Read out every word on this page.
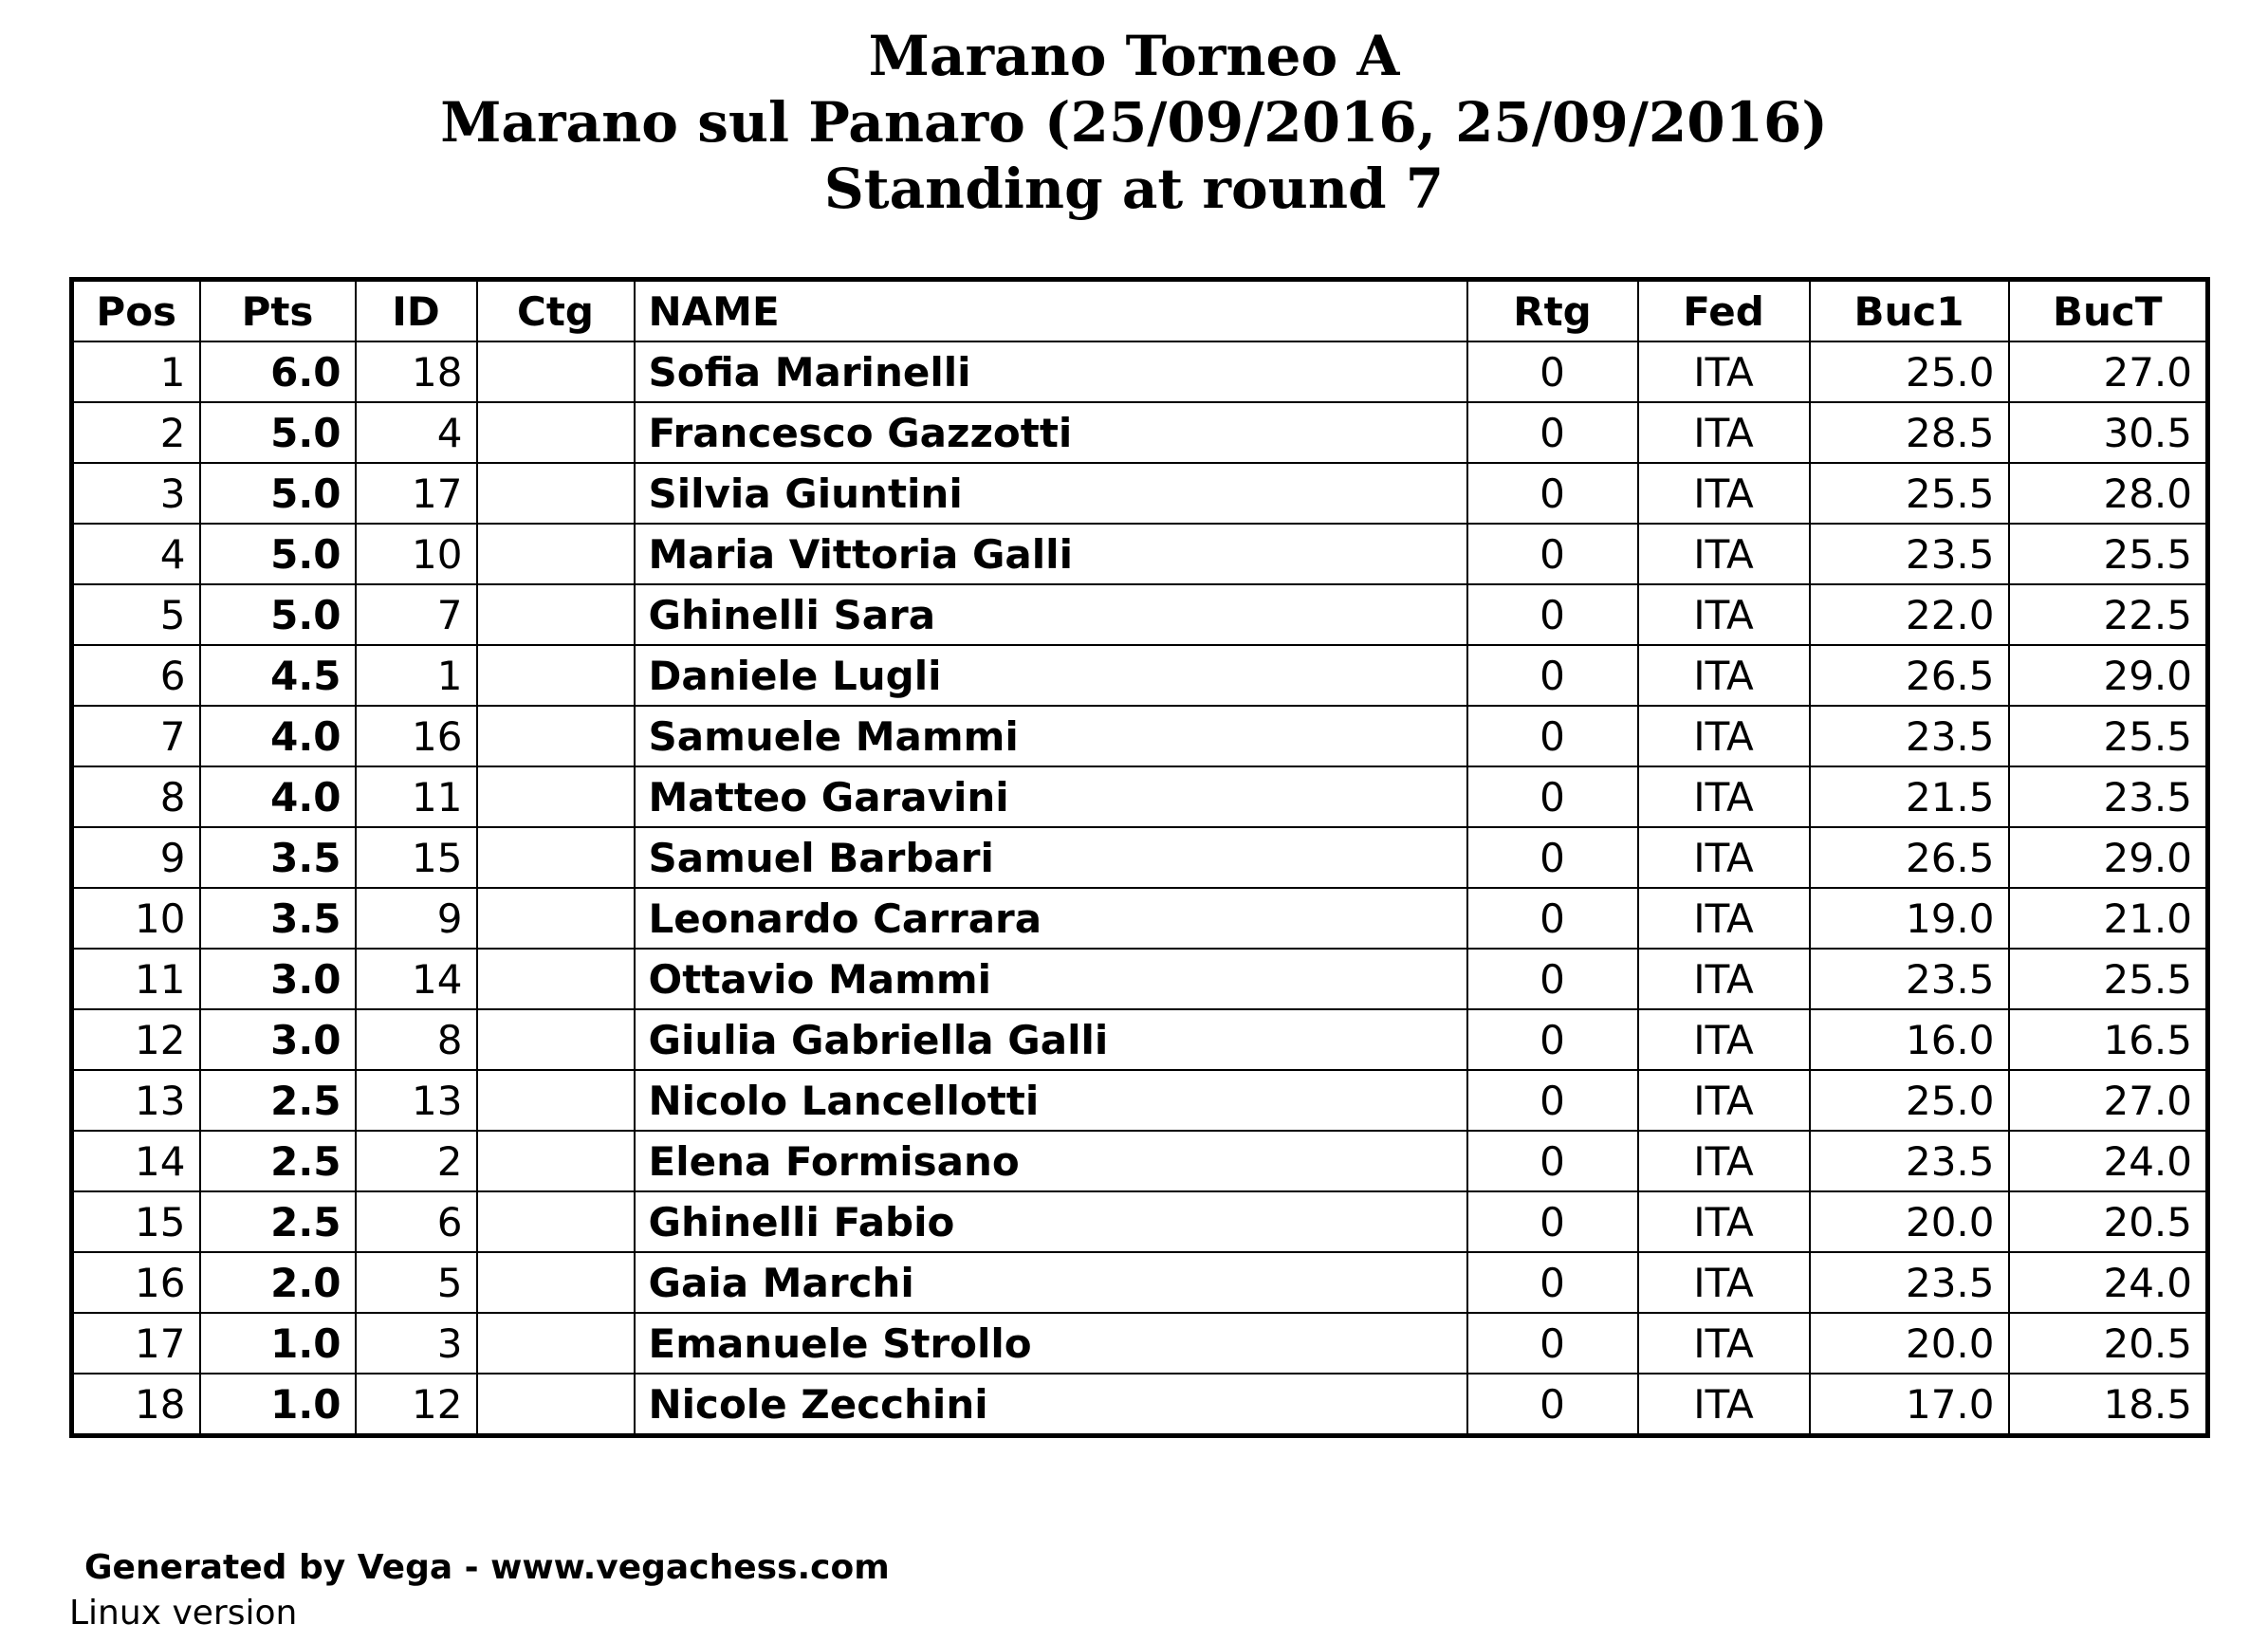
Marano Torneo A
Marano sul Panaro (25/09/2016, 25/09/2016)
Standing at round 7
Pos	Pts	ID	Ctg	NAME	Rtg	Fed	Buc1	BucT
1	6.0	18		Sofia Marinelli	0	ITA	25.0	27.0
2	5.0	4		Francesco Gazzotti	0	ITA	28.5	30.5
3	5.0	17		Silvia Giuntini	0	ITA	25.5	28.0
4	5.0	10		Maria Vittoria Galli	0	ITA	23.5	25.5
5	5.0	7		Ghinelli Sara	0	ITA	22.0	22.5
6	4.5	1		Daniele Lugli	0	ITA	26.5	29.0
7	4.0	16		Samuele Mammi	0	ITA	23.5	25.5
8	4.0	11		Matteo Garavini	0	ITA	21.5	23.5
9	3.5	15		Samuel Barbari	0	ITA	26.5	29.0
10	3.5	9		Leonardo Carrara	0	ITA	19.0	21.0
11	3.0	14		Ottavio Mammi	0	ITA	23.5	25.5
12	3.0	8		Giulia Gabriella Galli	0	ITA	16.0	16.5
13	2.5	13		Nicolo Lancellotti	0	ITA	25.0	27.0
14	2.5	2		Elena Formisano	0	ITA	23.5	24.0
15	2.5	6		Ghinelli Fabio	0	ITA	20.0	20.5
16	2.0	5		Gaia Marchi	0	ITA	23.5	24.0
17	1.0	3		Emanuele Strollo	0	ITA	20.0	20.5
18	1.0	12		Nicole Zecchini	0	ITA	17.0	18.5
Generated by Vega - www.vegachess.com
Linux version
